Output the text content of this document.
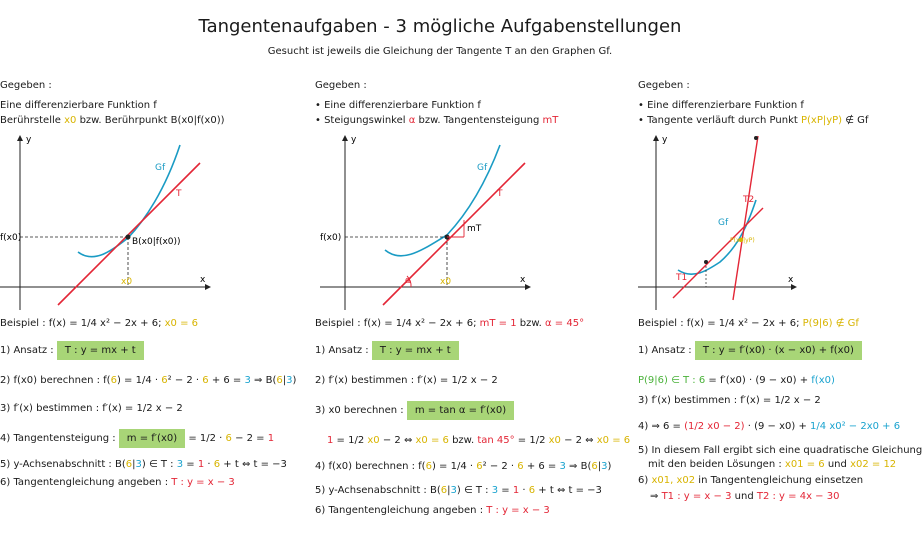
Tangentenaufgaben - 3 mögliche Aufgabenstellungen
Gesucht ist jeweils die Gleichung der Tangente T an den Graphen Gf.
Gegeben :
Eine differenzierbare Funktion f
Berührstelle x0 bzw. Berührpunkt B(x0|f(x0))
y
x
Gf
T
f(x0)
x0
B(x0|f(x0))
Beispiel : f(x) = 1/4 x² − 2x + 6; x0 = 6
1) Ansatz : T : y = mx + t
2) f(x0) berechnen : f(6) = 1/4 · 6² − 2 · 6 + 6 = 3 ⇒ B(6|3)
3) f′(x) bestimmen : f′(x) = 1/2 x − 2
4) Tangentensteigung : m = f′(x0) = 1/2 · 6 − 2 = 1
5) y-Achsenabschnitt : B(6|3) ∈ T : 3 = 1 · 6 + t ⇔ t = −3
6) Tangentengleichung angeben : T : y = x − 3
Gegeben :
• Eine differenzierbare Funktion f
• Steigungswinkel α bzw. Tangentensteigung mT
y
x
Gf
T
f(x0)
x0
mT
α
Beispiel : f(x) = 1/4 x² − 2x + 6; mT = 1 bzw. α = 45°
1) Ansatz : T : y = mx + t
2) f′(x) bestimmen : f′(x) = 1/2 x − 2
3) x0 berechnen : m = tan α = f′(x0)
1 = 1/2 x0 − 2 ⇔ x0 = 6 bzw. tan 45° = 1/2 x0 − 2 ⇔ x0 = 6
4) f(x0) berechnen : f(6) = 1/4 · 6² − 2 · 6 + 6 = 3 ⇒ B(6|3)
5) y-Achsenabschnitt : B(6|3) ∈ T : 3 = 1 · 6 + t ⇔ t = −3
6) Tangentengleichung angeben : T : y = x − 3
Gegeben :
• Eine differenzierbare Funktion f
• Tangente verläuft durch Punkt P(xP|yP) ∉ Gf
y
x
Gf
T1
T2
P(xP|yP)
Beispiel : f(x) = 1/4 x² − 2x + 6; P(9|6) ∉ Gf
1) Ansatz : T : y = f′(x0) · (x − x0) + f(x0)
P(9|6) ∈ T : 6 = f′(x0) · (9 − x0) + f(x0)
3) f′(x) bestimmen : f′(x) = 1/2 x − 2
4) ⇒ 6 = (1/2 x0 − 2) · (9 − x0) + 1/4 x0² − 2x0 + 6
5) In diesem Fall ergibt sich eine quadratische Gleichung
mit den beiden Lösungen : x01 = 6 und x02 = 12
6) x01, x02 in Tangentengleichung einsetzen
⇒ T1 : y = x − 3 und T2 : y = 4x − 30
